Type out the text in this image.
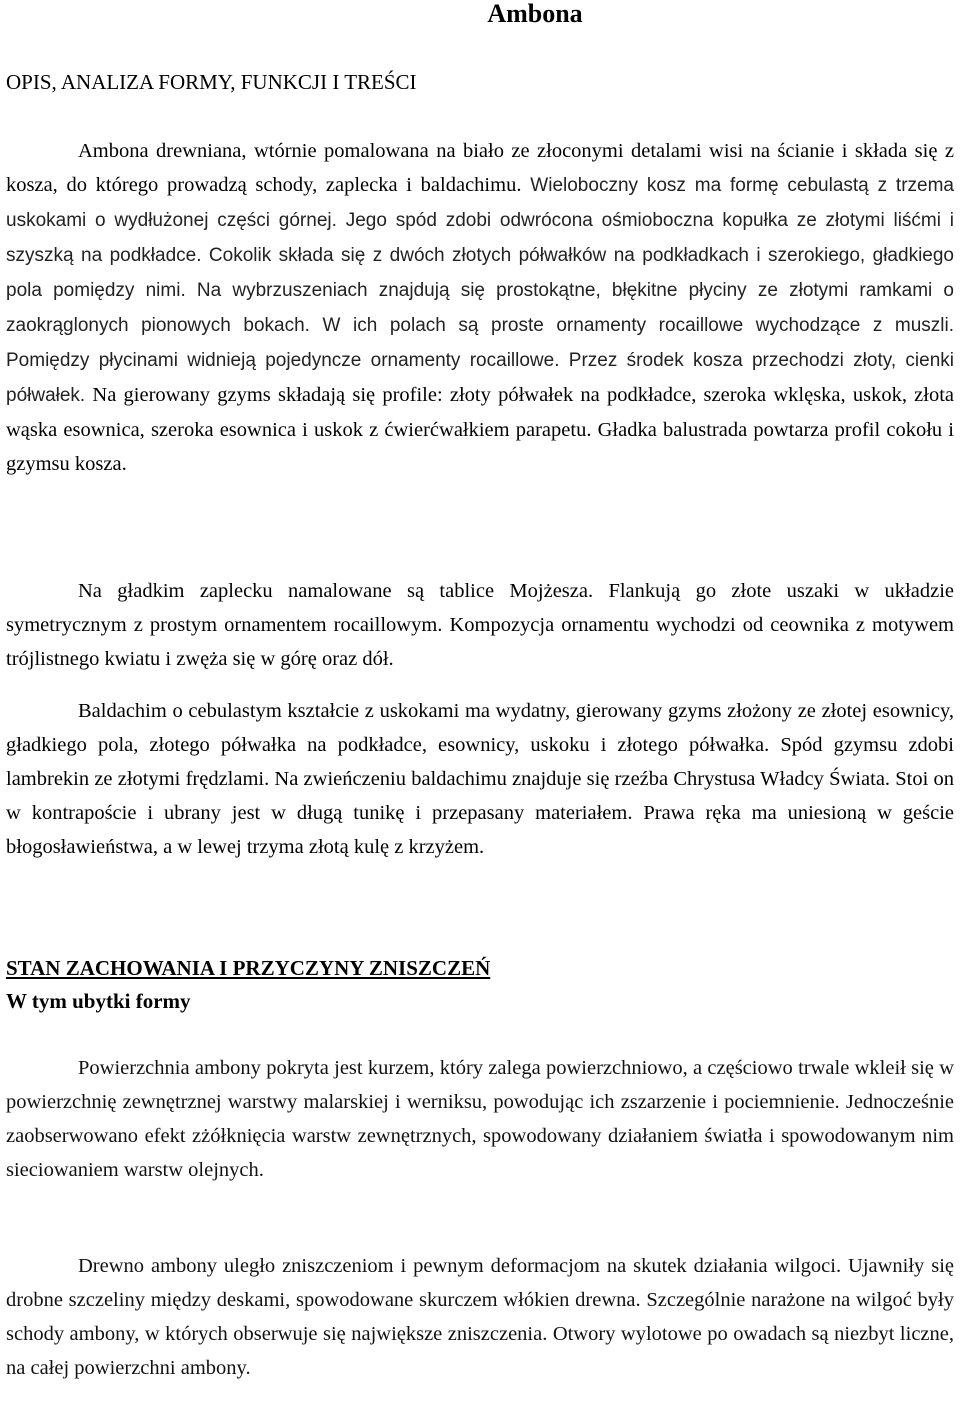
Ambona
OPIS, ANALIZA FORMY, FUNKCJI I TREŚCI

Ambona drewniana, wtórnie pomalowana na biało ze złoconymi detalami wisi na ścianie i składa się z kosza, do którego prowadzą schody, zaplecka i baldachimu. Wieloboczny kosz ma formę cebulastą z trzema uskokami o wydłużonej części górnej. Jego spód zdobi odwrócona ośmioboczna kopułka ze złotymi liśćmi i szyszką na podkładce. Cokolik składa się z dwóch złotych półwałków na podkładkach i szerokiego, gładkiego pola pomiędzy nimi. Na wybrzuszeniach znajdują się prostokątne, błękitne płyciny ze złotymi ramkami o zaokrąglonych pionowych bokach. W ich polach są proste ornamenty rocaillowe wychodzące z muszli. Pomiędzy płycinami widnieją pojedyncze ornamenty rocaillowe. Przez środek kosza przechodzi złoty, cienki półwałek. Na gierowany gzyms składają się profile: złoty półwałek na podkładce, szeroka wklęska, uskok, złota wąska esownica, szeroka esownica i uskok z ćwierćwałkiem parapetu. Gładka balustrada powtarza profil cokołu i gzymsu kosza.

Na gładkim zaplecku namalowane są tablice Mojżesza. Flankują go złote uszaki w układzie symetrycznym z prostym ornamentem rocaillowym. Kompozycja ornamentu wychodzi od ceownika z motywem trójlistnego kwiatu i zwęża się w górę oraz dół.

Baldachim o cebulastym kształcie z uskokami ma wydatny, gierowany gzyms złożony ze złotej esownicy, gładkiego pola, złotego półwałka na podkładce, esownicy, uskoku i złotego półwałka. Spód gzymsu zdobi lambrekin ze złotymi frędzlami. Na zwieńczeniu baldachimu znajduje się rzeźba Chrystusa Władcy Świata. Stoi on w kontrapoście i ubrany jest w długą tunikę i przepasany materiałem. Prawa ręka ma uniesioną w geście błogosławieństwa, a w lewej trzyma złotą kulę z krzyżem.

STAN ZACHOWANIA I PRZYCZYNY ZNISZCZEŃ
W tym ubytki formy

Powierzchnia ambony pokryta jest kurzem, który zalega powierzchniowo, a częściowo trwale wkleił się w powierzchnię zewnętrznej warstwy malarskiej i werniksu, powodując ich zszarzenie i pociemnienie. Jednocześnie zaobserwowano efekt zżółknięcia warstw zewnętrznych, spowodowany działaniem światła i spowodowanym nim sieciowaniem warstw olejnych.

Drewno ambony uległo zniszczeniom i pewnym deformacjom na skutek działania wilgoci. Ujawniły się drobne szczeliny między deskami, spowodowane skurczem włókien drewna. Szczególnie narażone na wilgoć były schody ambony, w których obserwuje się największe zniszczenia. Otwory wylotowe po owadach są niezbyt liczne, na całej powierzchni ambony.
